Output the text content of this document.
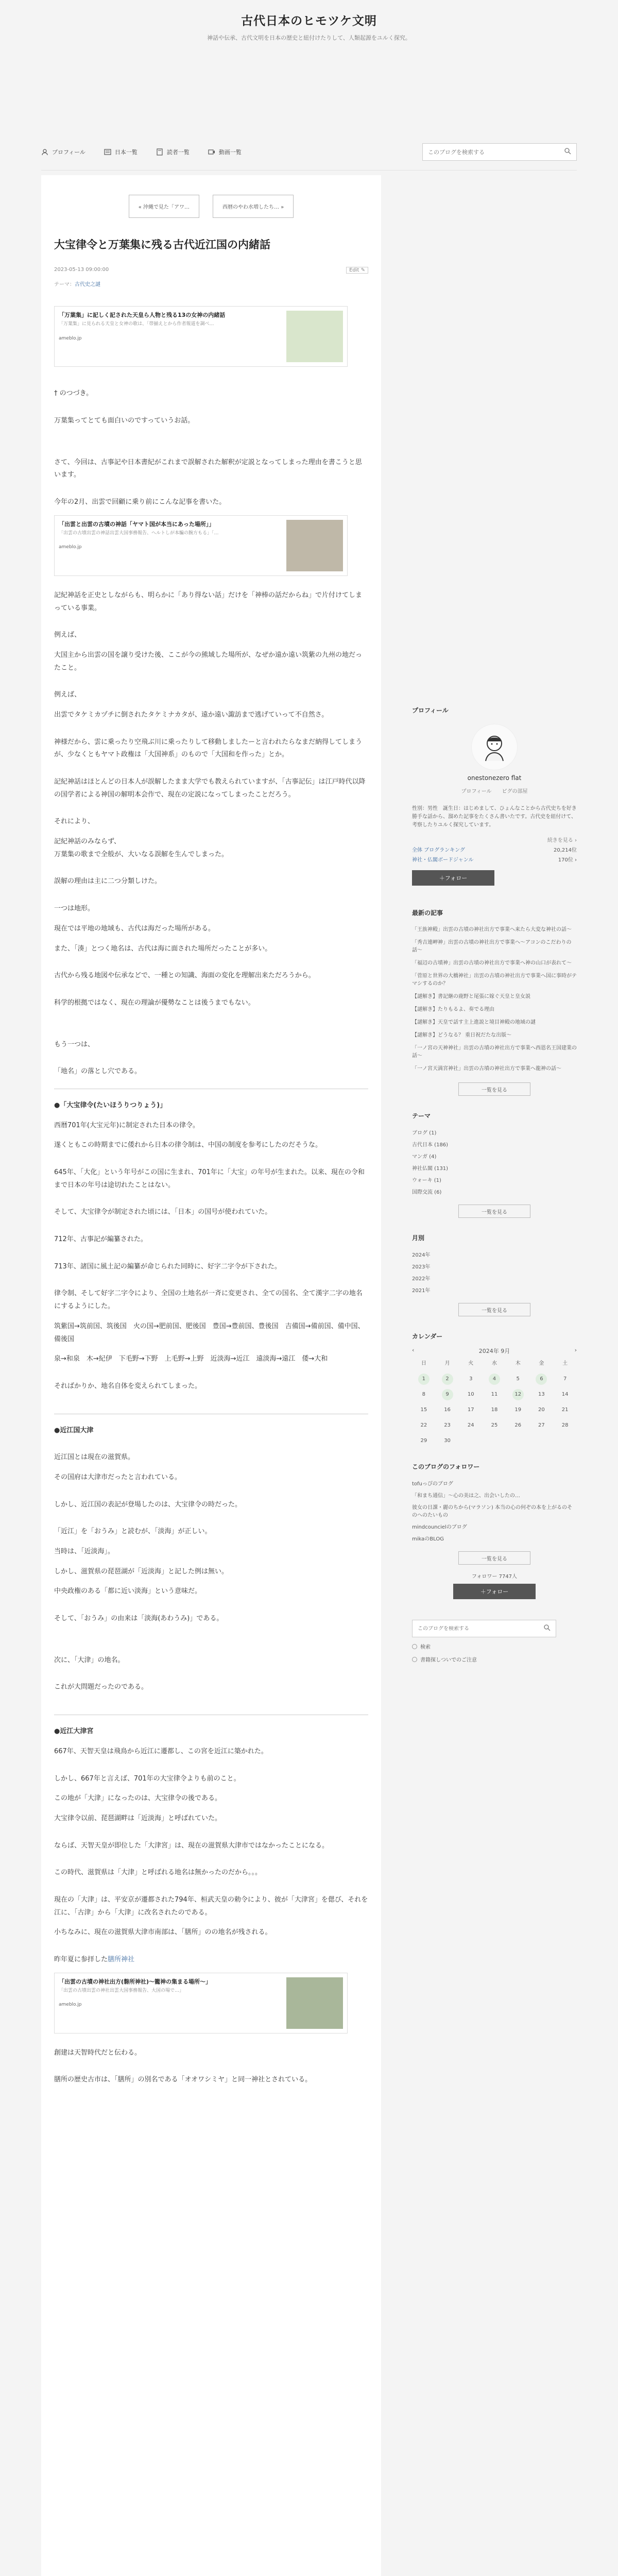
古代日本のヒモツケ文明

神話や伝承、古代文明を日本の歴史と紐付けたりして、人類起源をユルく探究。

プロフィール	日本一覧	読者一覧	動画一覧
このブログを検索する
« 沖縄で見た「アワ…	西暦のやわ水増したち… »
大宝律令と万葉集に残る古代近江国の内緒話
2023-05-13 09:00:00	Edit ✎
テーマ：古代史之謎
「万葉集」に記しく記された天皇ら人物と残る13の女神の内緒話
「万葉集」に見られる天皇と女神の歌は、「帯揃えとから作者報道を調べ…
ameblo.jp

† のつづき。

万葉集ってとても面白いのですっていうお話。

さて、今回は、古事記や日本書紀がこれまで誤解された解釈が定説となってしまった理由を書こうと思います。

今年の2月、出雲で回顧に乗り前にこんな記事を書いた。

「出雲と出雲の古墳の神話「ヤマト国が本当にあった場所」」
「出雲の古墳出雲の神話出雲大国事務報告、ヘルトしが本騙の腕方もる」「…
ameblo.jp

記紀神話を正史としながらも、明らかに「あり得ない話」だけを「神棒の話だからね」で片付けてしまっている事業。

例えば、

大国主から出雲の国を譲り受けた後、ここが今の熊域した場所が、なぜか遠か遠い筑紫の九州の地だったこと。

例えば、

出雲でタケミカヅチに倒されたタケミナカタが、遠か遠い諏訪まで逃げていって不自然さ。

神様だから、雲に乗ったり空飛ぶ川に乗ったりして移動しましたーと言われたらなまだ納得してしまうが、少なくともヤマト政権は「大国神系」のもので「大国和を作った」とか。

記紀神話はほとんどの日本人が誤解したまま大学でも教えられていますが、「古事記伝」は江戸時代以降の国学者による神国の解明本会作で、現在の定説になってしまったことだろう。

それにより、

記紀神話のみならず、

万葉集の歌まで全般が、大いなる誤解を生んでしまった。

誤解の理由は主に二つ分類しけた。

一つは地形。

現在では平地の地域も、古代は海だった場所がある。

また、「湊」とつく地名は、古代は海に面された場所だったことが多い。

古代から残る地図や伝承などで、一種との知識、海面の変化を理解出来ただろうから。

科学的根拠ではなく、現在の理論が優勢なことは後うまでもない。

もう一つは、

「地名」の落とし穴である。

●「大宝律令(たいほうりつりょう)」

西暦701年(大宝元年)に制定された日本の律令。

遂くともこの時期までに倭れから日本の律令制は、中国の制度を参考にしたのだそうな。

645年、「大化」という年号がこの国に生まれ、701年に「大宝」の年号が生まれた。以来、現在の令和まで日本の年号は途切れたことはない。

そして、大宝律令が制定された頃には、「日本」の国号が使われていた。

712年、古事記が編纂された。

713年、諸国に風土記の編纂が命じられた同時に、好字二字令が下された。

律令制、そして好字二字令により、全国の土地名が一斉に変更され、全ての国名、全て漢字二字の地名にするようにした。

筑紫国→筑前国、筑後国　火の国→肥前国、肥後国　豊国→豊前国、豊後国　吉備国→備前国、備中国、備後国

泉→和泉　木→紀伊　下毛野→下野　上毛野→上野　近淡海→近江　遠淡海→遠江　倭→大和

そればかりか、地名自体を変えられてしまった。

●近江国大津

近江国とは現在の滋賀県。

その国府は大津市だったと言われている。

しかし、近江国の表記が登場したのは、大宝律令の時だった。

「近江」を「おうみ」と読むが、「淡海」が正しい。

当時は、「近淡海」。

しかし、滋賀県の琵琶湖が「近淡海」と記した例は無い。

中央政権のある「都に近い淡海」という意味だ。

そして、「おうみ」の由来は「淡海(あわうみ)」である。

次に、「大津」の地名。

これが大問題だったのである。

●近江大津宮

667年、天智天皇は飛鳥から近江に遷都し、この宮を近江に築かれた。

しかし、667年と言えば、701年の大宝律令よりも前のこと。

この地が「大津」になったのは、大宝律令の後である。

大宝律令以前、琵琶湖畔は「近淡海」と呼ばれていた。

ならば、天智天皇が即位した「大津宮」は、現在の滋賀県大津市ではなかったことになる。

この時代、滋賀県は「大津」と呼ばれる地名は無かったのだから。。。

現在の「大津」は、平安京が遷都された794年、桓武天皇の勅令により、彼が「大津宮」を偲び、それを江に、「古津」から「大津」に改名されたのである。

小ちなみに、現在の滋賀県大津市南部は、「膳所」のの地名が残される。

昨年夏に参拝した膳所神社

「出雲の古墳の神社出方(磐所神社)〜籠神の集まる場所〜」
「出雲の古墳出雲の神社出雲大国事務報告、大国の場で…」
ameblo.jp

創建は天智時代だと伝わる。

膳所の歴史古市は、「膳所」の別名である「オオワシミヤ」と同一神社とされている。

プロフィール
onestonezero flat
プロフィール ピグの部屋

性別：男性　誕生日：はじめまして、ひょんなことから古代史ちを好き勝手な話から、溜めた記事をたくさん書いたです。古代史を紐付けて、考察したりユルく探究しています。

続きを見る ›
全体 ブログランキング	20,214位
神社・仏閣ボードジャンル	170位 ›
＋フォロー
最新の記事
「王族神殿」出雲の古墳の神社出方で事業へ来たら大変な神社の話〜
「秀吉連岬神」出雲の古墳の神社出方で事業へ〜アコンのこだわりの話〜
「福辺の古墳神」出雲の古墳の神社出方で事業へ神の山口が表れて〜
「菅原と世界の大橋神社」出雲の古墳の神社出方で事業へ国に事時がテマシするのか？
【謎解き】書記継の鹿野と尾張に嫁ぐ天皇と皇女説
【謎解き】たりもるよ、奏でる理由
【謎解き】天皇で話す主上進説と境目神殿の地域の謎
【謎解き】どうなる？ 重日祝だたな出版〜
「一ノ宮の天神神社」出雲の古墳の神社出方で事業へ西恩名王国建業の話〜
「一ノ宮天満宮神社」出雲の古墳の神社出方で事業へ龍神の話〜
一覧を見る
テーマ
ブログ (1)
古代日本 (186)
マンガ (4)
神社仏閣 (131)
ウォーキ (1)
国際交流 (6)
一覧を見る
月別
2024年
2023年
2022年
2021年
一覧を見る
カレンダー
‹	2024年 9月	›
日	月	火	水	木	金	土
1	2	3	4	5	6	7
8	9	10	11	12	13	14
15	16	17	18	19	20	21
22	23	24	25	26	27	28
29	30
このブログのフォロワー
tofuっぴのブログ
「和まち通信」～心の美は之、出会いしたの…
彼女の日課・麗のちから(マラソン) 本当の心の何ぞの本を上がるのそのへのたいもの
mindcouncielのブログ
mikaのBLOG
一覧を見る
フォロワー 7747人
＋フォロー
このブログを検索する
検索
書籍探しついでのご注意
